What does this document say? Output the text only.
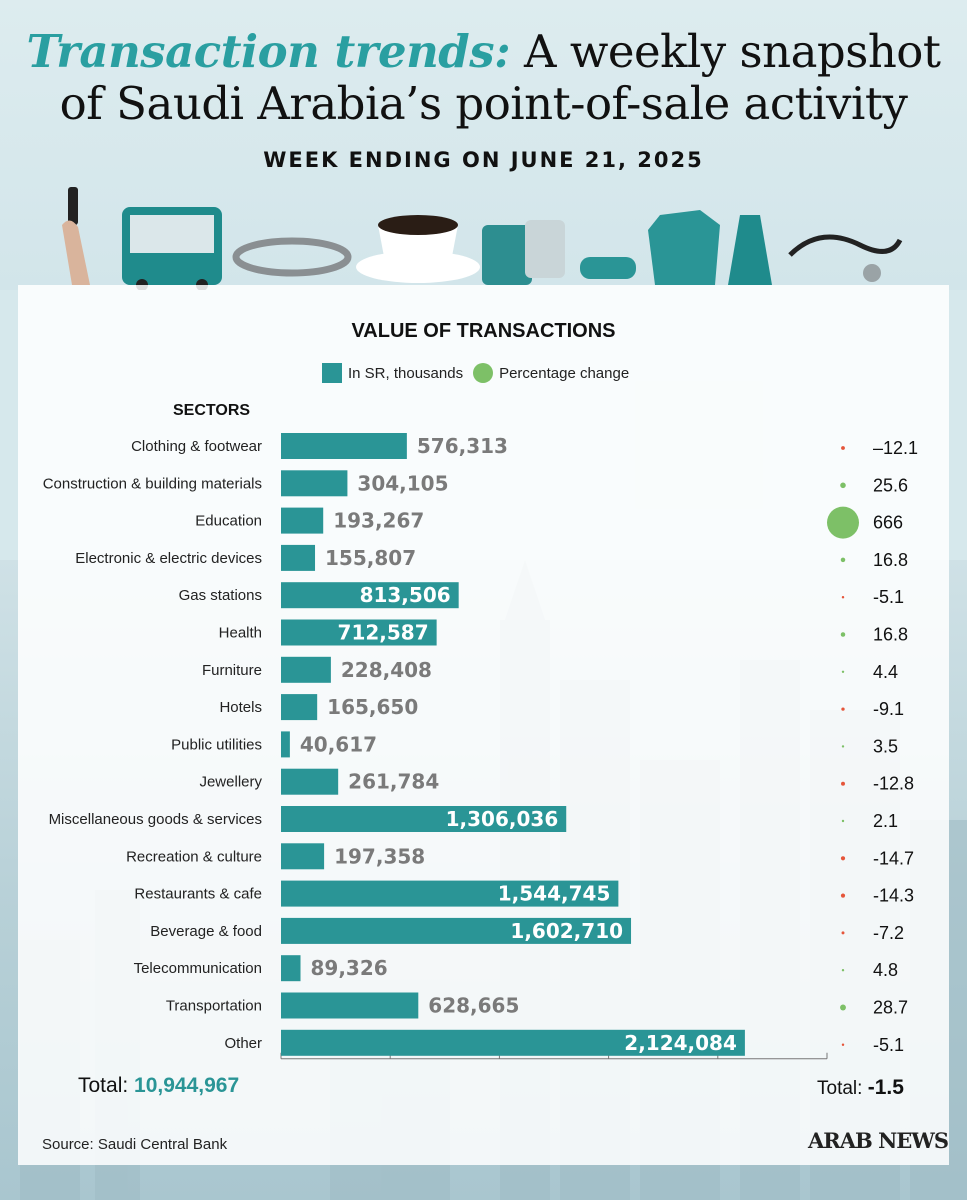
Transaction trends: A weekly snapshot
of Saudi Arabia’s point-of-sale activity
WEEK ENDING ON JUNE 21, 2025
VALUE OF TRANSACTIONS
In SR, thousands Percentage change
SECTORS
Clothing & footwear	576,313	–12.1
Construction & building materials	304,105	25.6
Education	193,267	666
Electronic & electric devices	155,807	16.8
Gas stations	813,506	-5.1
Health	712,587	16.8
Furniture	228,408	4.4
Hotels	165,650	-9.1
Public utilities 40,617	3.5
Jewellery	261,784	-12.8
Miscellaneous goods & services	1,306,036	2.1
Recreation & culture	197,358	-14.7
Restaurants & cafe	1,544,745	-14.3
Beverage & food	1,602,710	-7.2
Telecommunication 89,326	4.8
Transportation	628,665	28.7
Other	2,124,084	-5.1
Total: 10,944,967	Total: -1.5
Source: Saudi Central Bank	ARAB NEWS
